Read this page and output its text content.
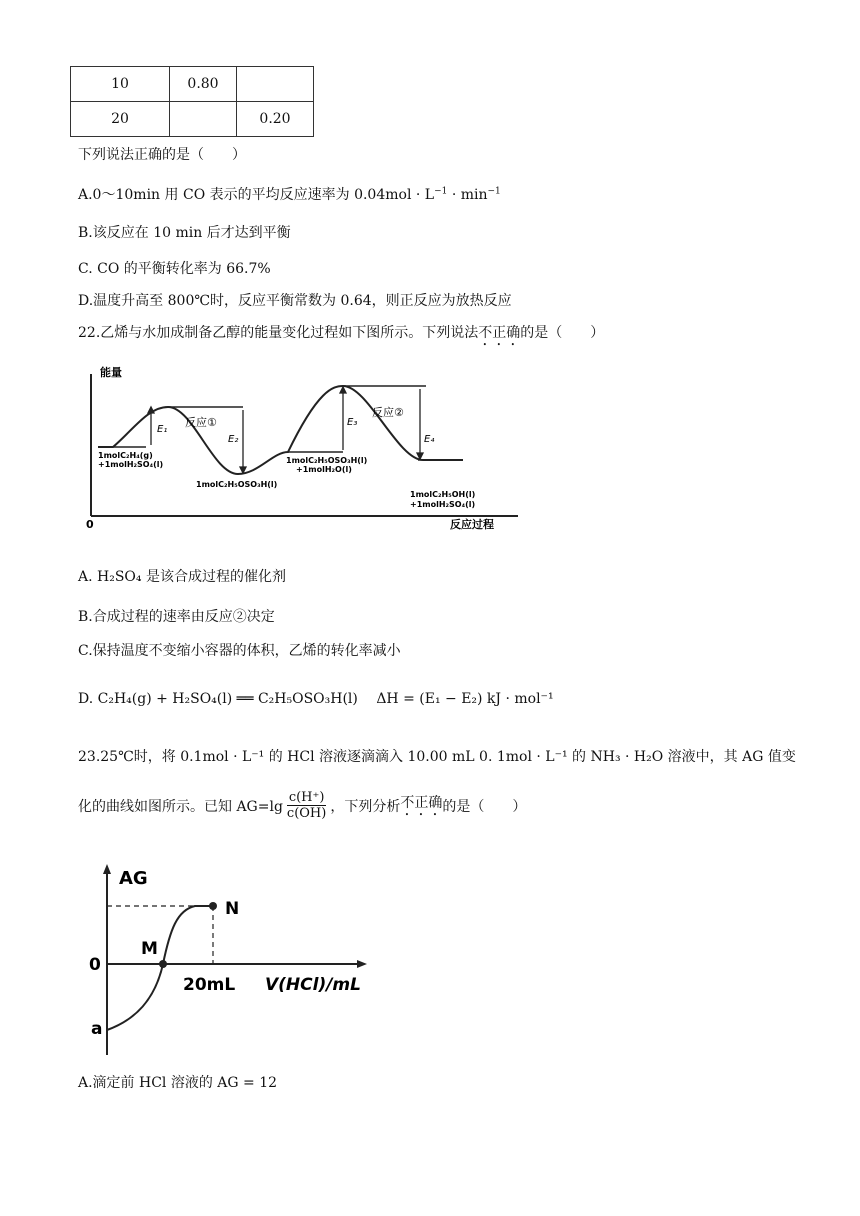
10	0.80	
20		0.20
下列说法正确的是（　　）
A.0～10min 用 CO 表示的平均反应速率为 $0.04mol \cdot L^{-1} \cdot \min^{-1}$
B.该反应在 10 min 后才达到平衡
C. CO 的平衡转化率为 66.7%
D.温度升高至 800℃时，反应平衡常数为 0.64，则正反应为放热反应
22.乙烯与水加成制备乙醇的能量变化过程如下图所示。下列说法不正确的是（　　）
能量
0	反应过程
E₁
E₂
E₃
E₄
反应①
反应②
1molC₂H₄(g)
+1molH₂SO₄(l)
1molC₂H₅OSO₃H(l)
1molC₂H₅OSO₃H(l)
+1molH₂O(l)
1molC₂H₅OH(l)
+1molH₂SO₄(l)
A. H₂SO₄ 是该合成过程的催化剂
B.合成过程的速率由反应②决定
C.保持温度不变缩小容器的体积，乙烯的转化率减小
D. C₂H₄(g) + H₂SO₄(l) ══ C₂H₅OSO₃H(l)　 ΔH = (E₁ − E₂) kJ · mol⁻¹
23.25℃时，将 0.1mol · L⁻¹ 的 HCl 溶液逐滴滴入 10.00 mL 0. 1mol · L⁻¹ 的 NH₃ · H₂O 溶液中，其 AG 值变
化的曲线如图所示。已知 $AG=\lg \frac{c(H^+)}{c(OH)}$ ，下列分析 不正确 的是（　　）
AG
0
a
20mL V(HCl)/mL
M
N
A.滴定前 HCl 溶液的 AG = 12
